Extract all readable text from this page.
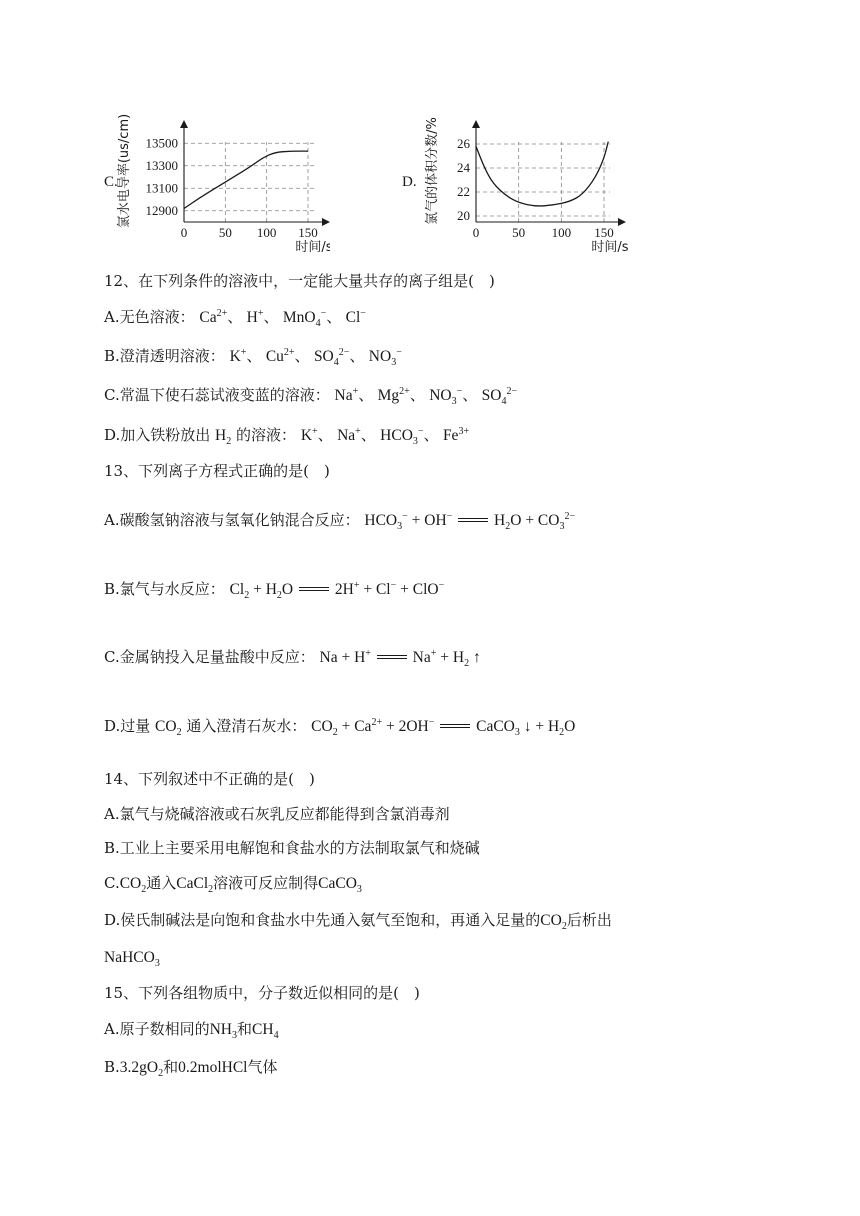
C.
0 50 100 150
12900
13100
13300
13500
时间/s
氯水电导率(us/cm)	D.
0	50 100 150
20
22
24
26
时间/s
氯气的体积分数/%
12、在下列条件的溶液中，一定能大量共存的离子组是(　)
A.无色溶液： $Ca^{2+}$、 H+、 MnO$_4$−、 Cl−
B.澄清透明溶液： K+、 $Cu^{2+}$、 $SO_4^{2-}$、 $NO_3^-$
C.常温下使石蕊试液变蓝的溶液： Na+、 $Mg^{2+}$、 $NO_3^-$、 $SO_4^{2-}$
D.加入铁粉放出 $H_2$ 的溶液： K+、 Na+、 $HCO_3^-$、 $Fe^{3+}$
13、下列离子方程式正确的是(　)
A.碳酸氢钠溶液与氢氧化钠混合反应： $HCO_3^- + OH^-$	$H_2O + CO_3^{2-}$
B.氯气与水反应： $Cl_2 + H_2O$	2H+ + Cl− + ClO−
C.金属钠投入足量盐酸中反应： Na + H+	$Na^+ + H_2$ ↑
D.过量 $CO_2$ 通入澄清石灰水： $CO_2 + Ca^{2+} + 2OH^-$	CaCO$_3$ ↓ + $H_2O$
14、下列叙述中不正确的是(　)
A.氯气与烧碱溶液或石灰乳反应都能得到含氯消毒剂
B.工业上主要采用电解饱和食盐水的方法制取氯气和烧碱
$C.CO_2$通入CaCl$_2$溶液可反应制得CaCO$_3$
D.侯氏制碱法是向饱和食盐水中先通入氨气至饱和，再通入足量的$CO_2$后析出
NaHCO$_3$
15、下列各组物质中，分子数近似相同的是(　)
A.原子数相同的$NH_3$和$CH_4$
$B.3.2gO_2$和0.2molHCl气体
